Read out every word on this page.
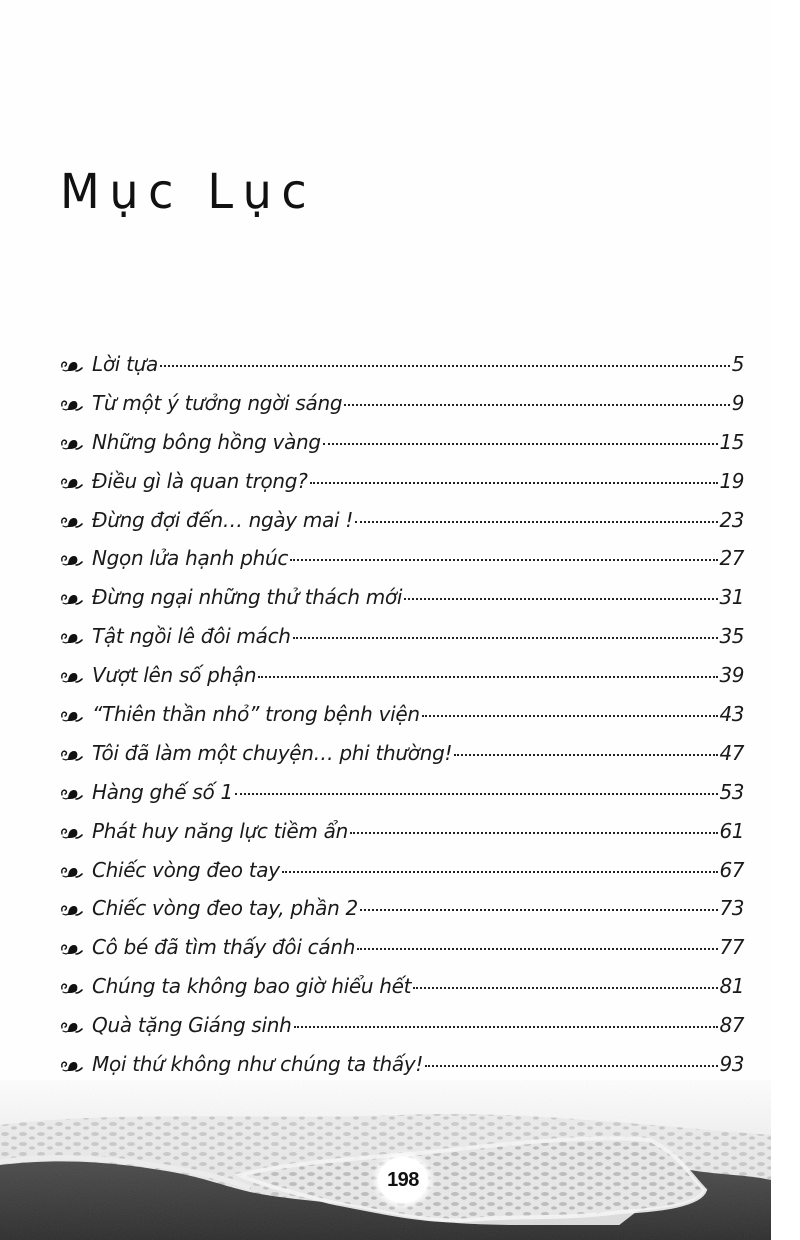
Mục Lục
Lời tựa	5
Từ một ý tưởng ngời sáng	9
Những bông hồng vàng	15
Điều gì là quan trọng?	19
Đừng đợi đến… ngày mai !	23
Ngọn lửa hạnh phúc	27
Đừng ngại những thử thách mới	31
Tật ngồi lê đôi mách	35
Vượt lên số phận	39
“Thiên thần nhỏ” trong bệnh viện	43
Tôi đã làm một chuyện… phi thường!	47
Hàng ghế số 1	53
Phát huy năng lực tiềm ẩn	61
Chiếc vòng đeo tay	67
Chiếc vòng đeo tay, phần 2	73
Cô bé đã tìm thấy đôi cánh	77
Chúng ta không bao giờ hiểu hết	81
Quà tặng Giáng sinh	87
Mọi thứ không như chúng ta thấy!	93
198
